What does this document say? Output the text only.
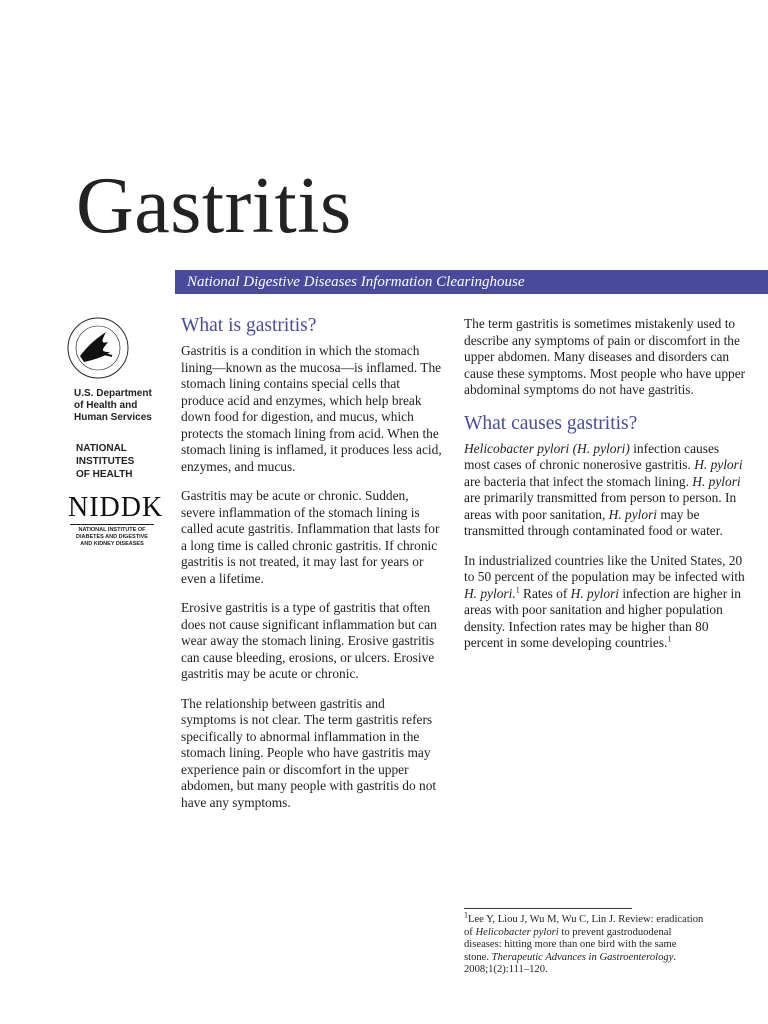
Gastritis
National Digestive Diseases Information Clearinghouse
U.S. Department
of Health and
Human Services
NATIONAL
INSTITUTES
OF HEALTH
NIDDK
NATIONAL INSTITUTE OF
DIABETES AND DIGESTIVE
AND KIDNEY DISEASES
What is gastritis?

Gastritis is a condition in which the stomach lining—known as the mucosa—is inflamed. The stomach lining contains special cells that produce acid and enzymes, which help break down food for digestion, and mucus, which protects the stomach lining from acid. When the stomach lining is inflamed, it produces less acid, enzymes, and mucus.

Gastritis may be acute or chronic. Sudden, severe inflammation of the stomach lining is called acute gastritis. Inflammation that lasts for a long time is called chronic gastritis. If chronic gastritis is not treated, it may last for years or even a lifetime.

Erosive gastritis is a type of gastritis that often does not cause significant inflammation but can wear away the stomach lining. Erosive gastritis can cause bleeding, erosions, or ulcers. Erosive gastritis may be acute or chronic.

The relationship between gastritis and symptoms is not clear. The term gastritis refers specifically to abnormal inflammation in the stomach lining. People who have gastritis may experience pain or discomfort in the upper abdomen, but many people with gastritis do not have any symptoms.

The term gastritis is sometimes mistakenly used to describe any symptoms of pain or discomfort in the upper abdomen. Many diseases and disorders can cause these symptoms. Most people who have upper abdominal symptoms do not have gastritis.

What causes gastritis?

Helicobacter pylori (H. pylori) infection causes most cases of chronic nonerosive gastritis. H. pylori are bacteria that infect the stomach lining. H. pylori are primarily transmitted from person to person. In areas with poor sanitation, H. pylori may be transmitted through contaminated food or water.

In industrialized countries like the United States, 20 to 50 percent of the population may be infected with H. pylori.$^1$ Rates of H. pylori infection are higher in areas with poor sanitation and higher population density. Infection rates may be higher than 80 percent in some developing countries.$^1$

$^1$Lee Y, Liou J, Wu M, Wu C, Lin J. Review: eradication of Helicobacter pylori to prevent gastroduodenal diseases: hitting more than one bird with the same stone. Therapeutic Advances in Gastroenterology. 2008;1(2):111–120.
